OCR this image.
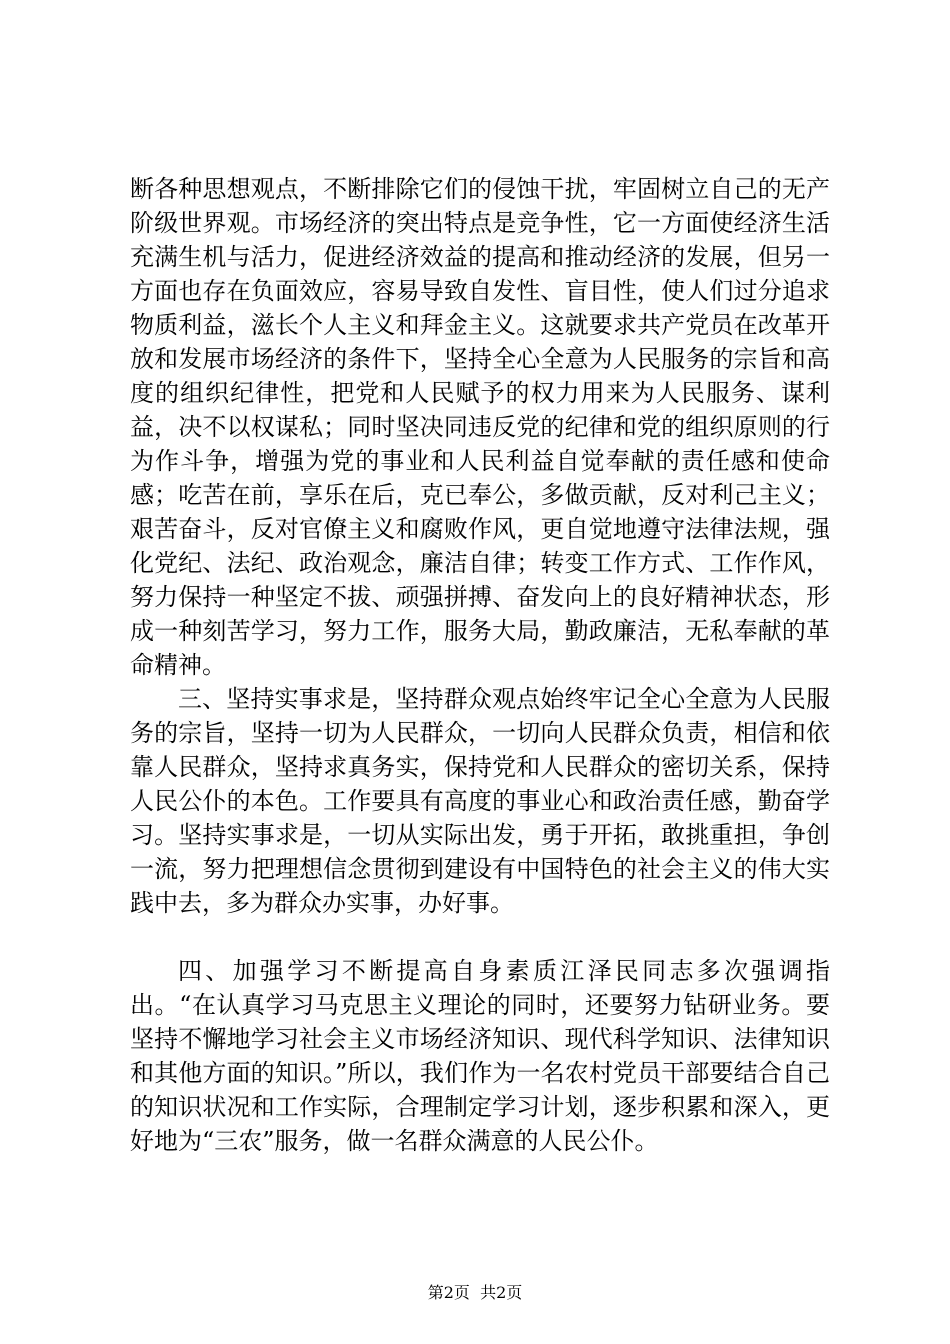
断各种思想观点，不断排除它们的侵蚀干扰，牢固树立自己的无产阶级世界观。市场经济的突出特点是竞争性，它一方面使经济生活充满生机与活力，促进经济效益的提高和推动经济的发展，但另一方面也存在负面效应，容易导致自发性、盲目性，使人们过分追求物质利益，滋长个人主义和拜金主义。这就要求共产党员在改革开放和发展市场经济的条件下，坚持全心全意为人民服务的宗旨和高度的组织纪律性，把党和人民赋予的权力用来为人民服务、谋利益，决不以权谋私；同时坚决同违反党的纪律和党的组织原则的行为作斗争，增强为党的事业和人民利益自觉奉献的责任感和使命感；吃苦在前，享乐在后，克已奉公，多做贡献，反对利己主义；艰苦奋斗，反对官僚主义和腐败作风，更自觉地遵守法律法规，强化党纪、法纪、政治观念，廉洁自律；转变工作方式、工作作风，努力保持一种坚定不拔、顽强拼搏、奋发向上的良好精神状态，形成一种刻苦学习，努力工作，服务大局，勤政廉洁，无私奉献的革命精神。

三、坚持实事求是，坚持群众观点始终牢记全心全意为人民服务的宗旨，坚持一切为人民群众，一切向人民群众负责，相信和依靠人民群众，坚持求真务实，保持党和人民群众的密切关系，保持人民公仆的本色。工作要具有高度的事业心和政治责任感，勤奋学习。坚持实事求是，一切从实际出发，勇于开拓，敢挑重担，争创一流，努力把理想信念贯彻到建设有中国特色的社会主义的伟大实践中去，多为群众办实事，办好事。

四、加强学习不断提高自身素质江泽民同志多次强调指出。“在认真学习马克思主义理论的同时，还要努力钻研业务。要坚持不懈地学习社会主义市场经济知识、现代科学知识、法律知识和其他方面的知识。”所以，我们作为一名农村党员干部要结合自己的知识状况和工作实际，合理制定学习计划，逐步积累和深入，更好地为“三农”服务，做一名群众满意的人民公仆。

第2页  共2页
